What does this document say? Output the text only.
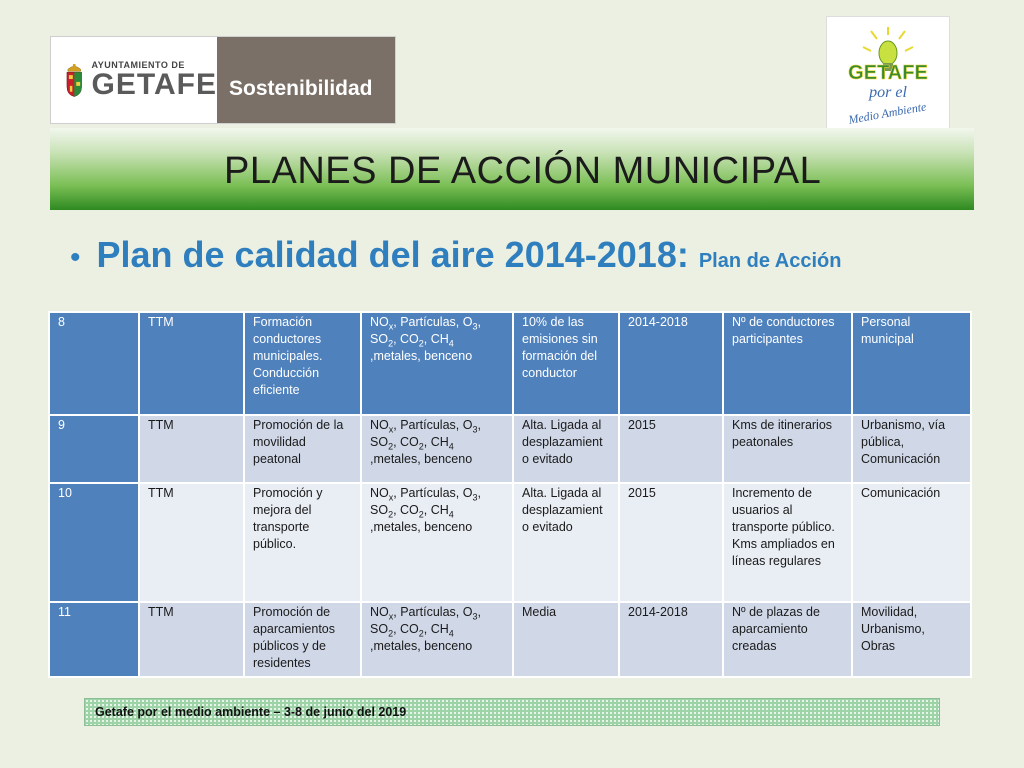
AYUNTAMIENTO DE
GETAFE Sostenibilidad
GETAFE
por el
Medio Ambiente
PLANES DE ACCIÓN MUNICIPAL
• Plan de calidad del aire 2014-2018: Plan de Acción
8	TTM	Formación conductores municipales. Conducción eficiente	$NO_x$, Partículas, $O_3$, $SO_2$, $CO_2$, $CH_4$ ,metales, benceno	10% de las emisiones sin formación del conductor	2014-2018	Nº de conductores participantes	Personal municipal
9	TTM	Promoción de la movilidad peatonal	$NO_x$, Partículas, $O_3$, $SO_2$, $CO_2$, $CH_4$ ,metales, benceno	Alta. Ligada al desplazamient o evitado	2015	Kms de itinerarios peatonales	Urbanismo, vía pública, Comunicación
10	TTM	Promoción y mejora del transporte público.	$NO_x$, Partículas, $O_3$, $SO_2$, $CO_2$, $CH_4$ ,metales, benceno	Alta. Ligada al desplazamient o evitado	2015	Incremento de usuarios al transporte público. Kms ampliados en líneas regulares	Comunicación
11	TTM	Promoción de aparcamientos públicos y de residentes	$NO_x$, Partículas, $O_3$, $SO_2$, $CO_2$, $CH_4$ ,metales, benceno	Media	2014-2018	Nº de plazas de aparcamiento creadas	Movilidad, Urbanismo, Obras
Getafe por el medio ambiente – 3-8 de junio del 2019
